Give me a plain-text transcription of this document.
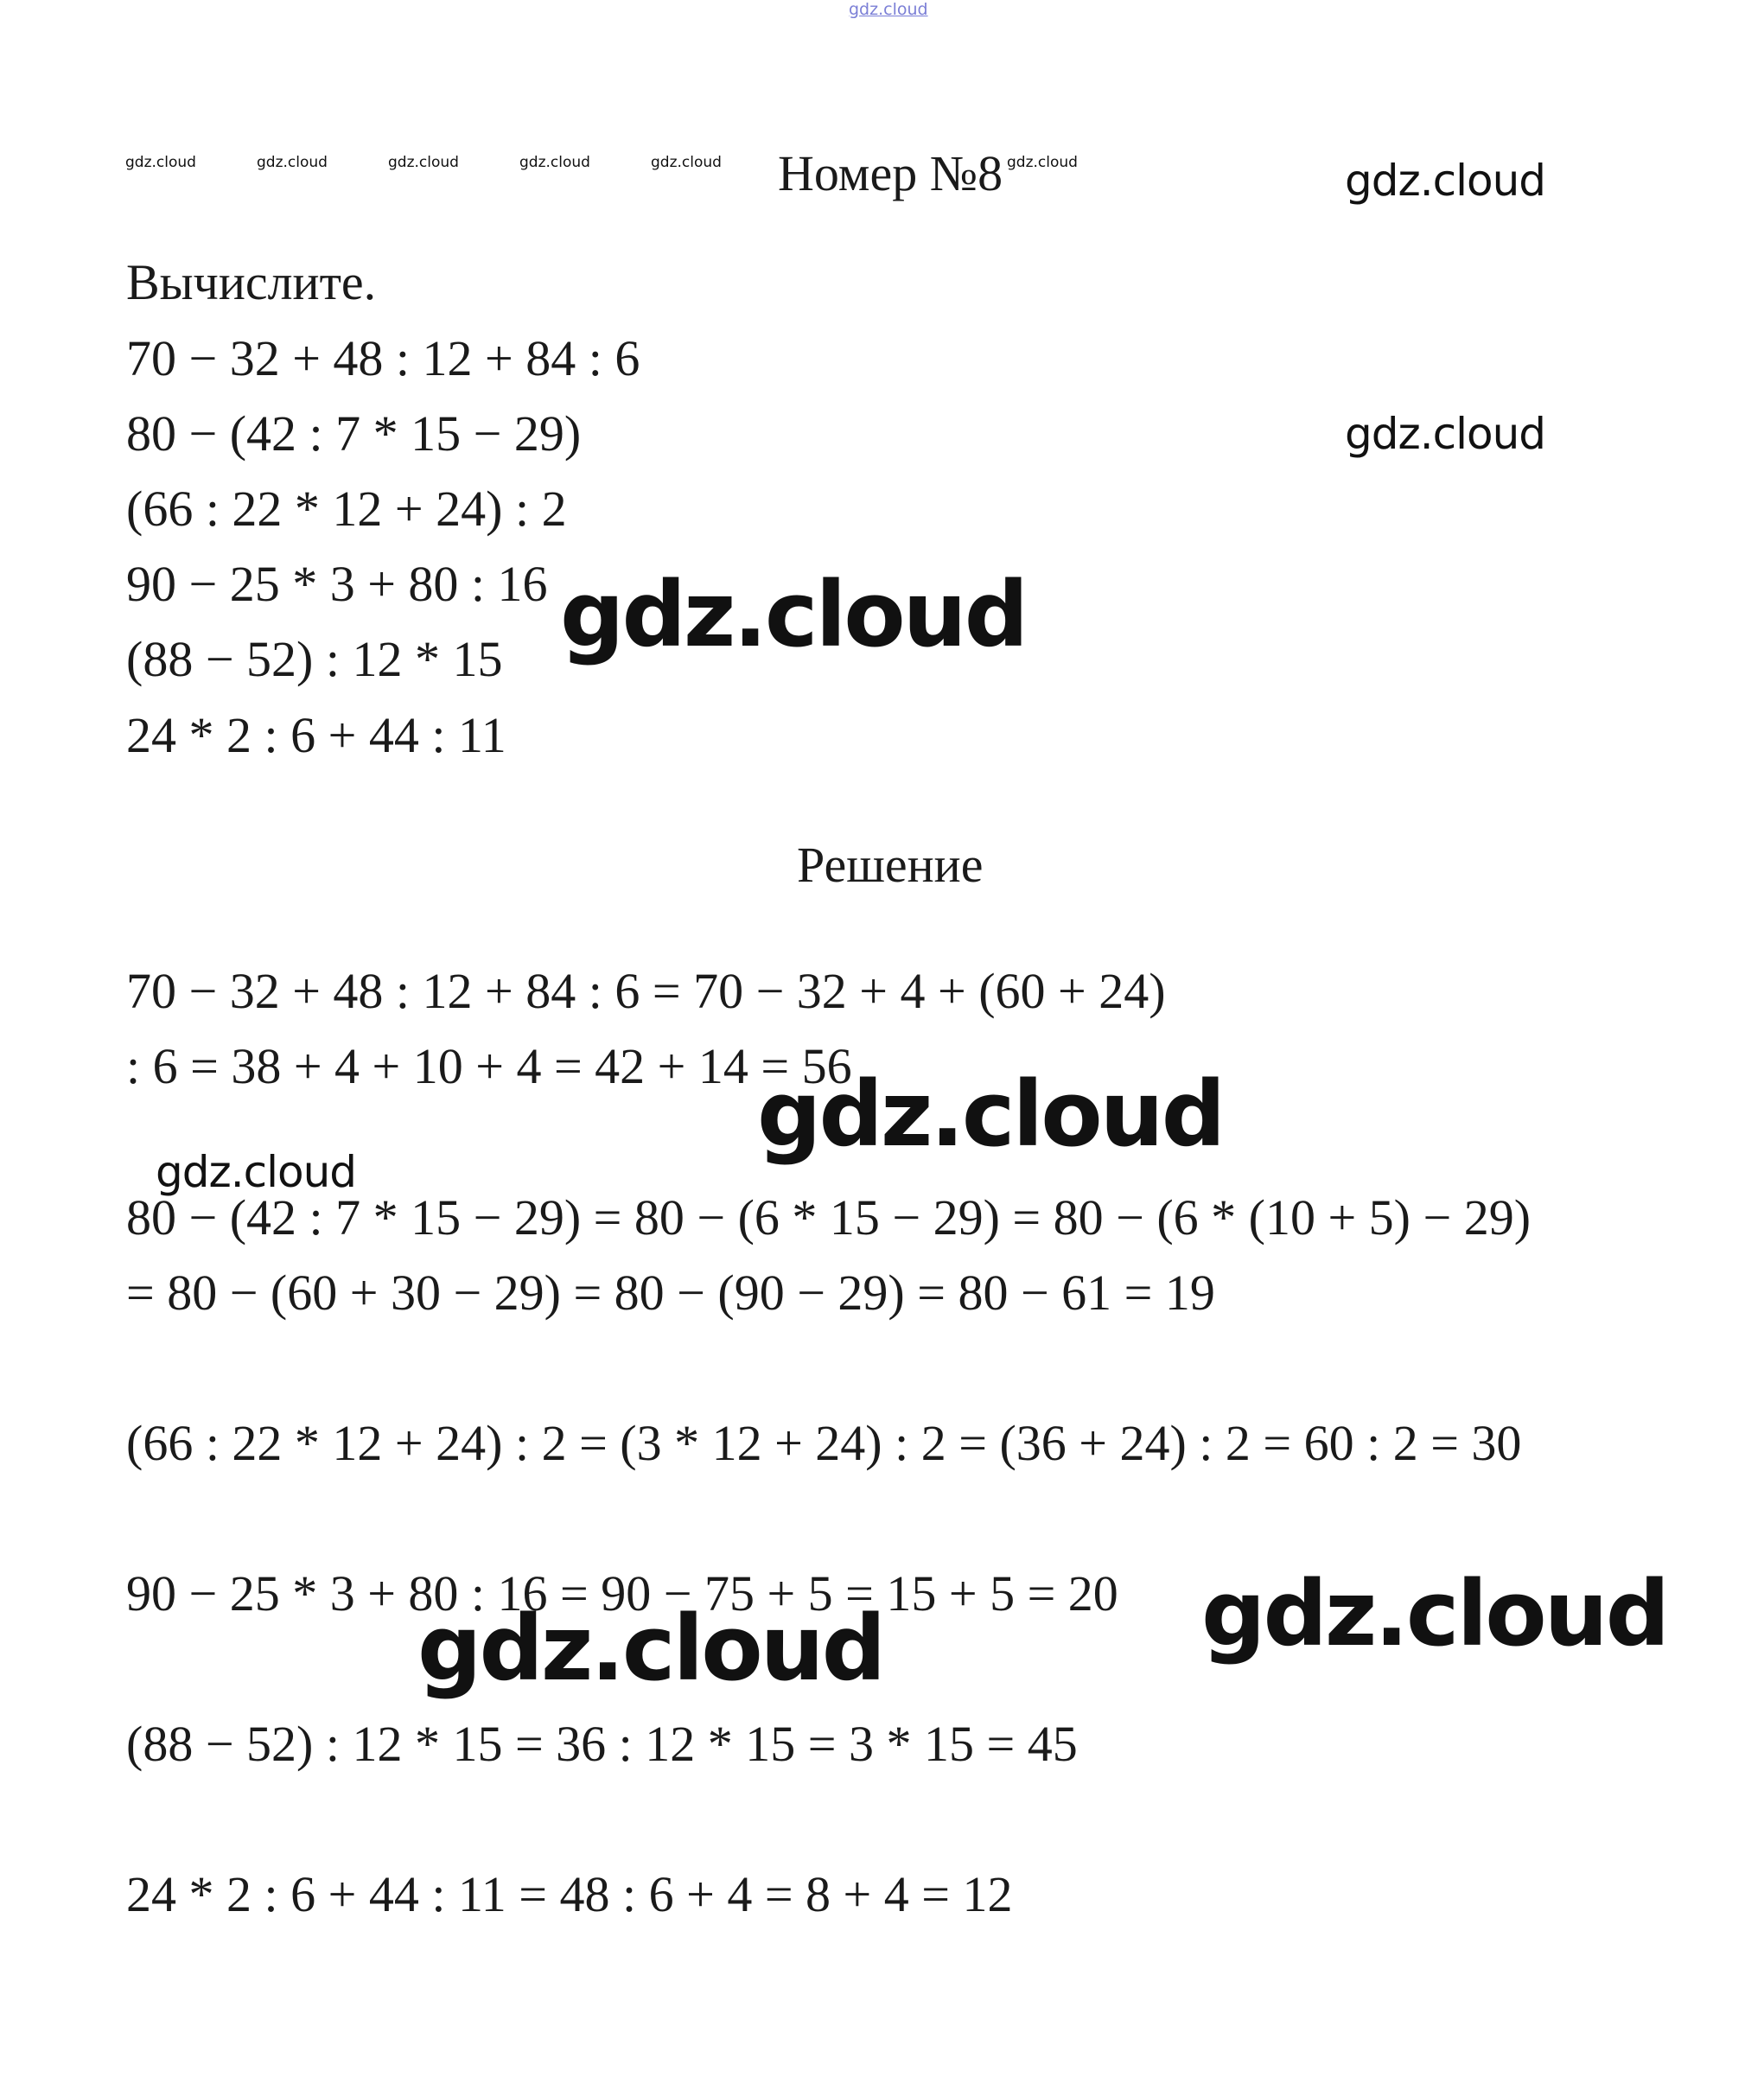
gdz.cloud
gdz.cloud	gdz.cloud	gdz.cloud	gdz.cloud	gdz.cloud Номер №8 gdz.cloud	gdz.cloud
gdz.cloud
Вычислите.
70 − 32 + 48 : 12 + 84 : 6
80 − (42 : 7 * 15 − 29)
(66 : 22 * 12 + 24) : 2
90 − 25 * 3 + 80 : 16
(88 − 52) : 12 * 15
24 * 2 : 6 + 44 : 11
gdz.cloud
Решение
70 − 32 + 48 : 12 + 84 : 6 = 70 − 32 + 4 + (60 + 24)
: 6 = 38 + 4 + 10 + 4 = 42 + 14 = 56
gdz.cloud
gdz.cloud
80 − (42 : 7 * 15 − 29) = 80 − (6 * 15 − 29) = 80 − (6 * (10 + 5) − 29)
= 80 − (60 + 30 − 29) = 80 − (90 − 29) = 80 − 61 = 19
(66 : 22 * 12 + 24) : 2 = (3 * 12 + 24) : 2 = (36 + 24) : 2 = 60 : 2 = 30
90 − 25 * 3 + 80 : 16 = 90 − 75 + 5 = 15 + 5 = 20 gdz.cloud
gdz.cloud
(88 − 52) : 12 * 15 = 36 : 12 * 15 = 3 * 15 = 45
24 * 2 : 6 + 44 : 11 = 48 : 6 + 4 = 8 + 4 = 12
